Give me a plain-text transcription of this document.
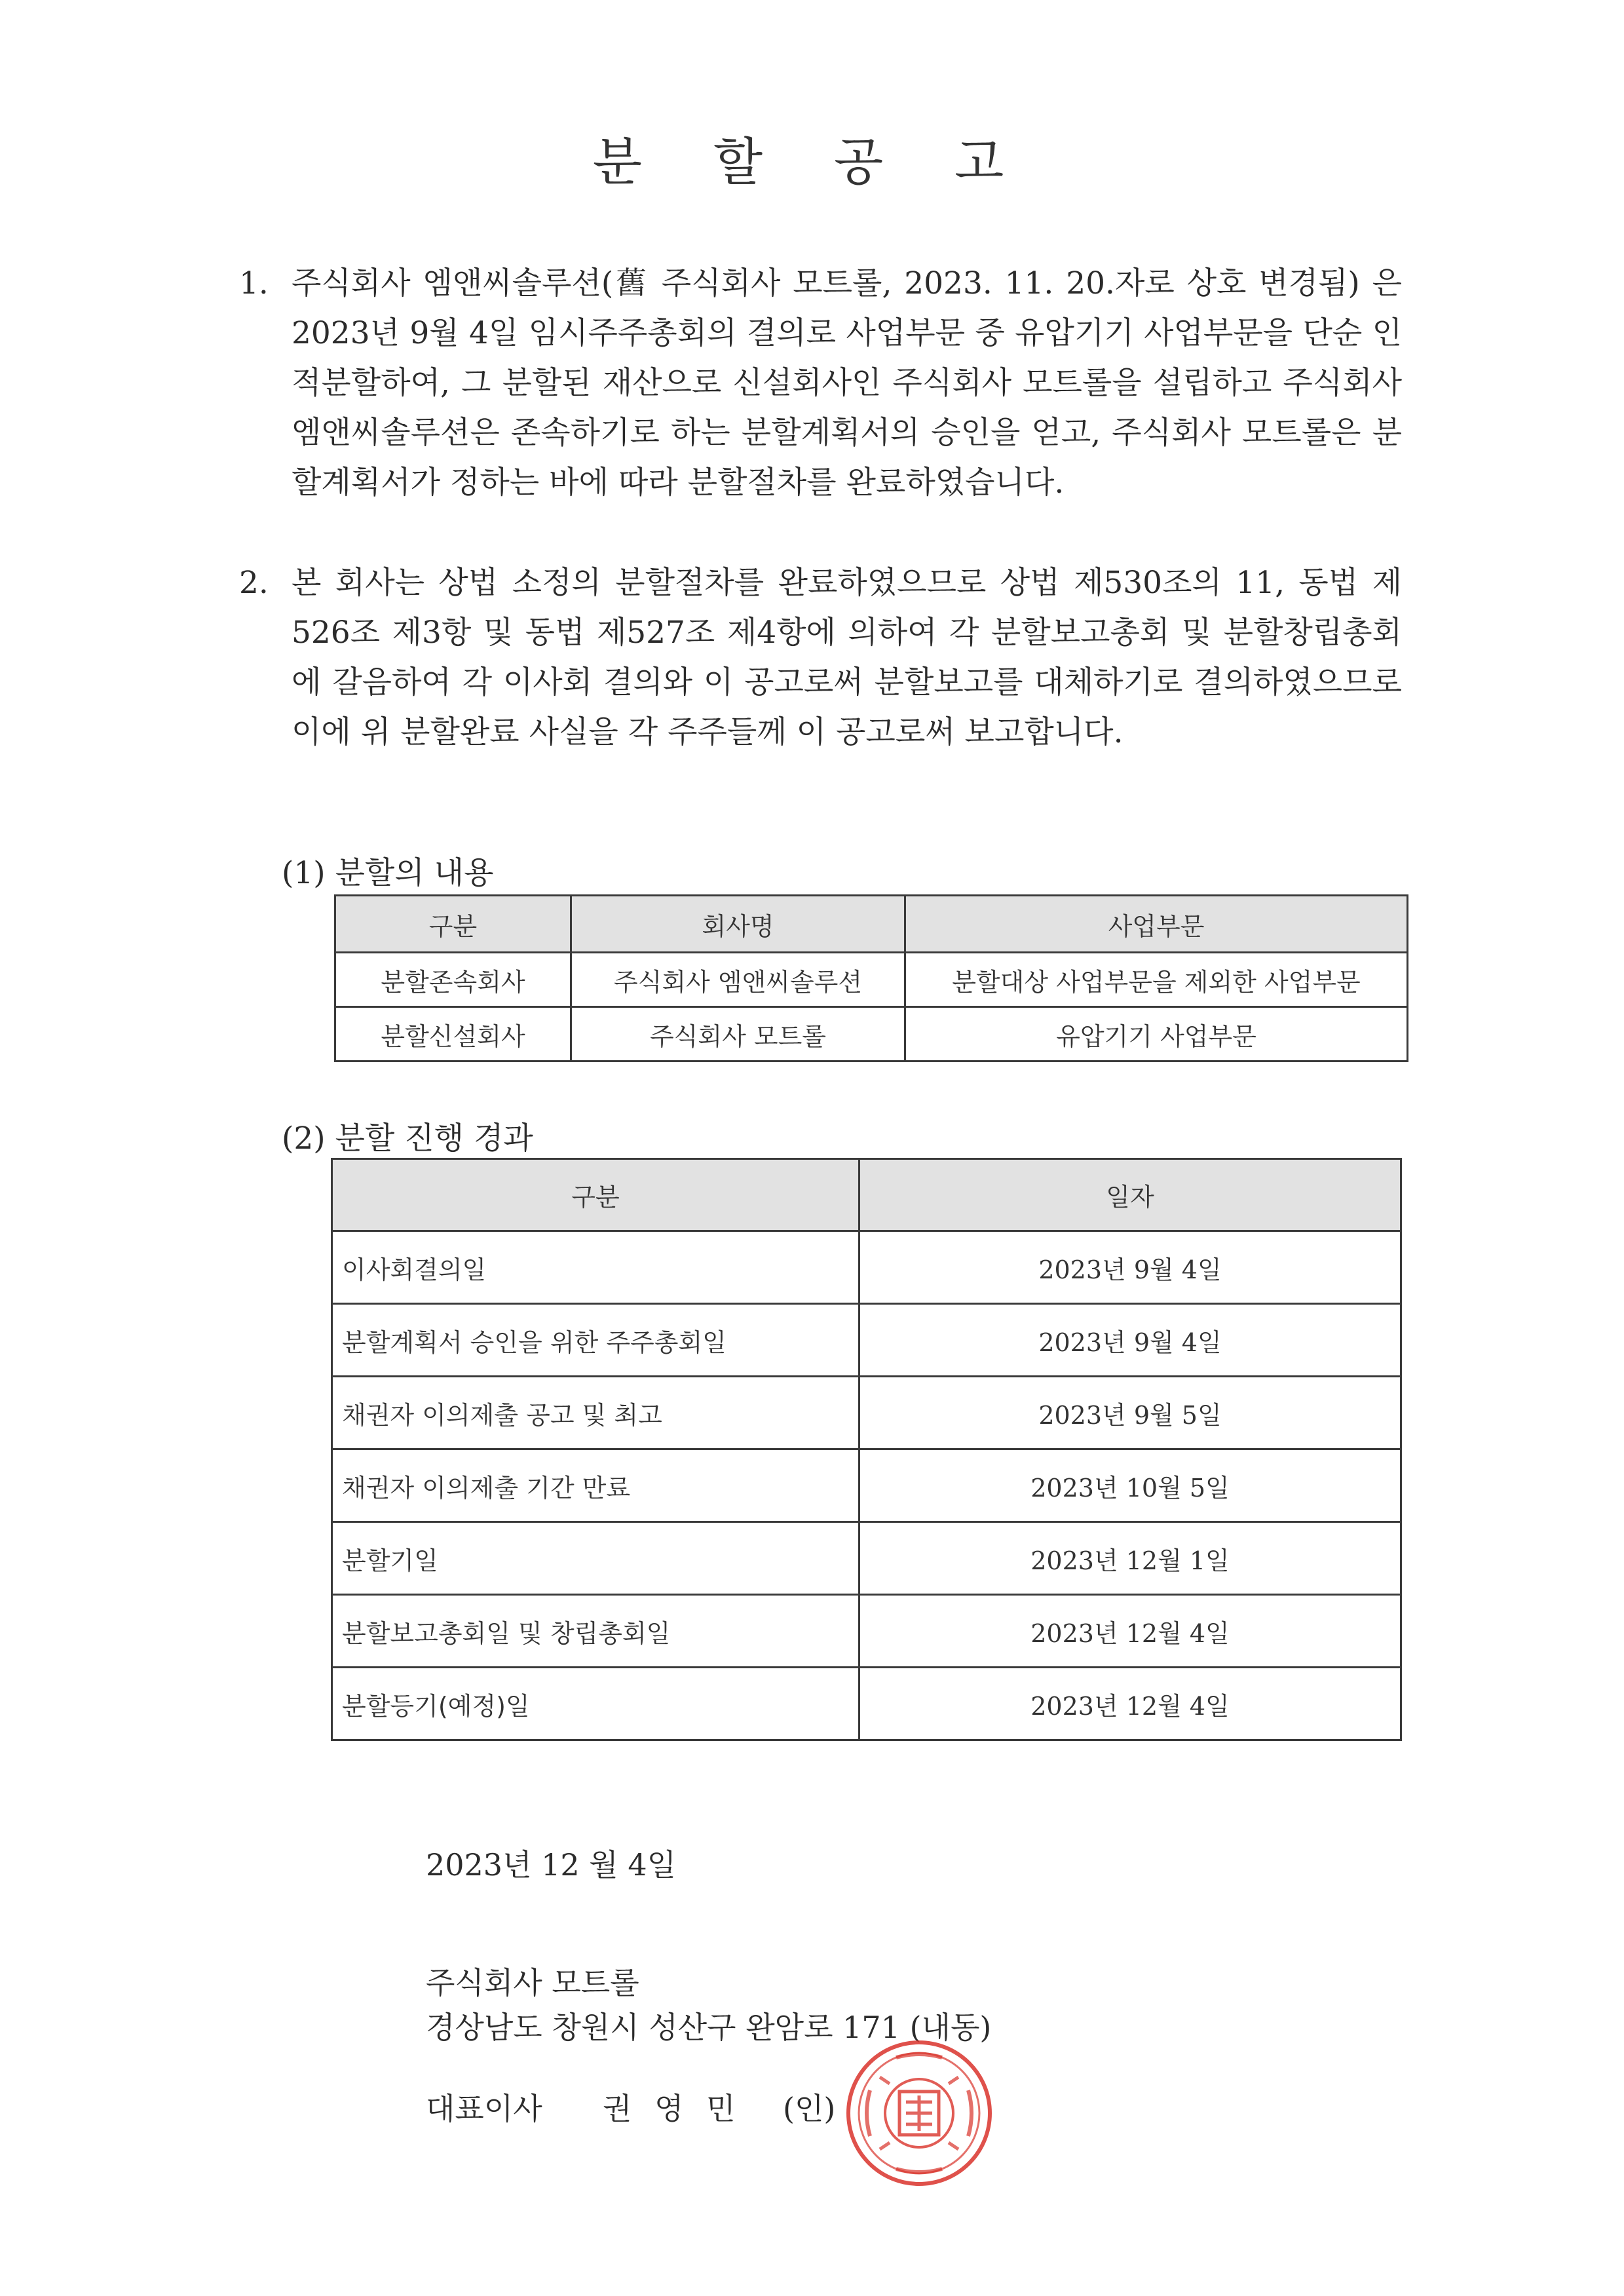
분 할 공 고
1. 주식회사 엠앤씨솔루션(舊 주식회사 모트롤, 2023. 11. 20.자로 상호 변경됨) 은 2023년 9월 4일 임시주주총회의 결의로 사업부문 중 유압기기 사업부문을 단순 인적분할하여, 그 분할된 재산으로 신설회사인 주식회사 모트롤을 설립하고 주식회사 엠앤씨솔루션은 존속하기로 하는 분할계획서의 승인을 얻고, 주식회사 모트롤은 분할계획서가 정하는 바에 따라 분할절차를 완료하였습니다.
2. 본 회사는 상법 소정의 분할절차를 완료하였으므로 상법 제530조의 11, 동법 제526조 제3항 및 동법 제527조 제4항에 의하여 각 분할보고총회 및 분할창립총회에 갈음하여 각 이사회 결의와 이 공고로써 분할보고를 대체하기로 결의하였으므로 이에 위 분할완료 사실을 각 주주들께 이 공고로써 보고합니다.
(1) 분할의 내용
구분	회사명	사업부문
분할존속회사	주식회사 엠앤씨솔루션	분할대상 사업부문을 제외한 사업부문
분할신설회사	주식회사 모트롤	유압기기 사업부문
(2) 분할 진행 경과
구분	일자
이사회결의일	2023년 9월 4일
분할계획서 승인을 위한 주주총회일	2023년 9월 4일
채권자 이의제출 공고 및 최고	2023년 9월 5일
채권자 이의제출 기간 만료	2023년 10월 5일
분할기일	2023년 12월 1일
분할보고총회일 및 창립총회일	2023년 12월 4일
분할등기(예정)일	2023년 12월 4일
2023년 12 월 4일
주식회사 모트롤
경상남도 창원시 성산구 완암로 171 (내동)
대표이사 권 영 민 (인)
